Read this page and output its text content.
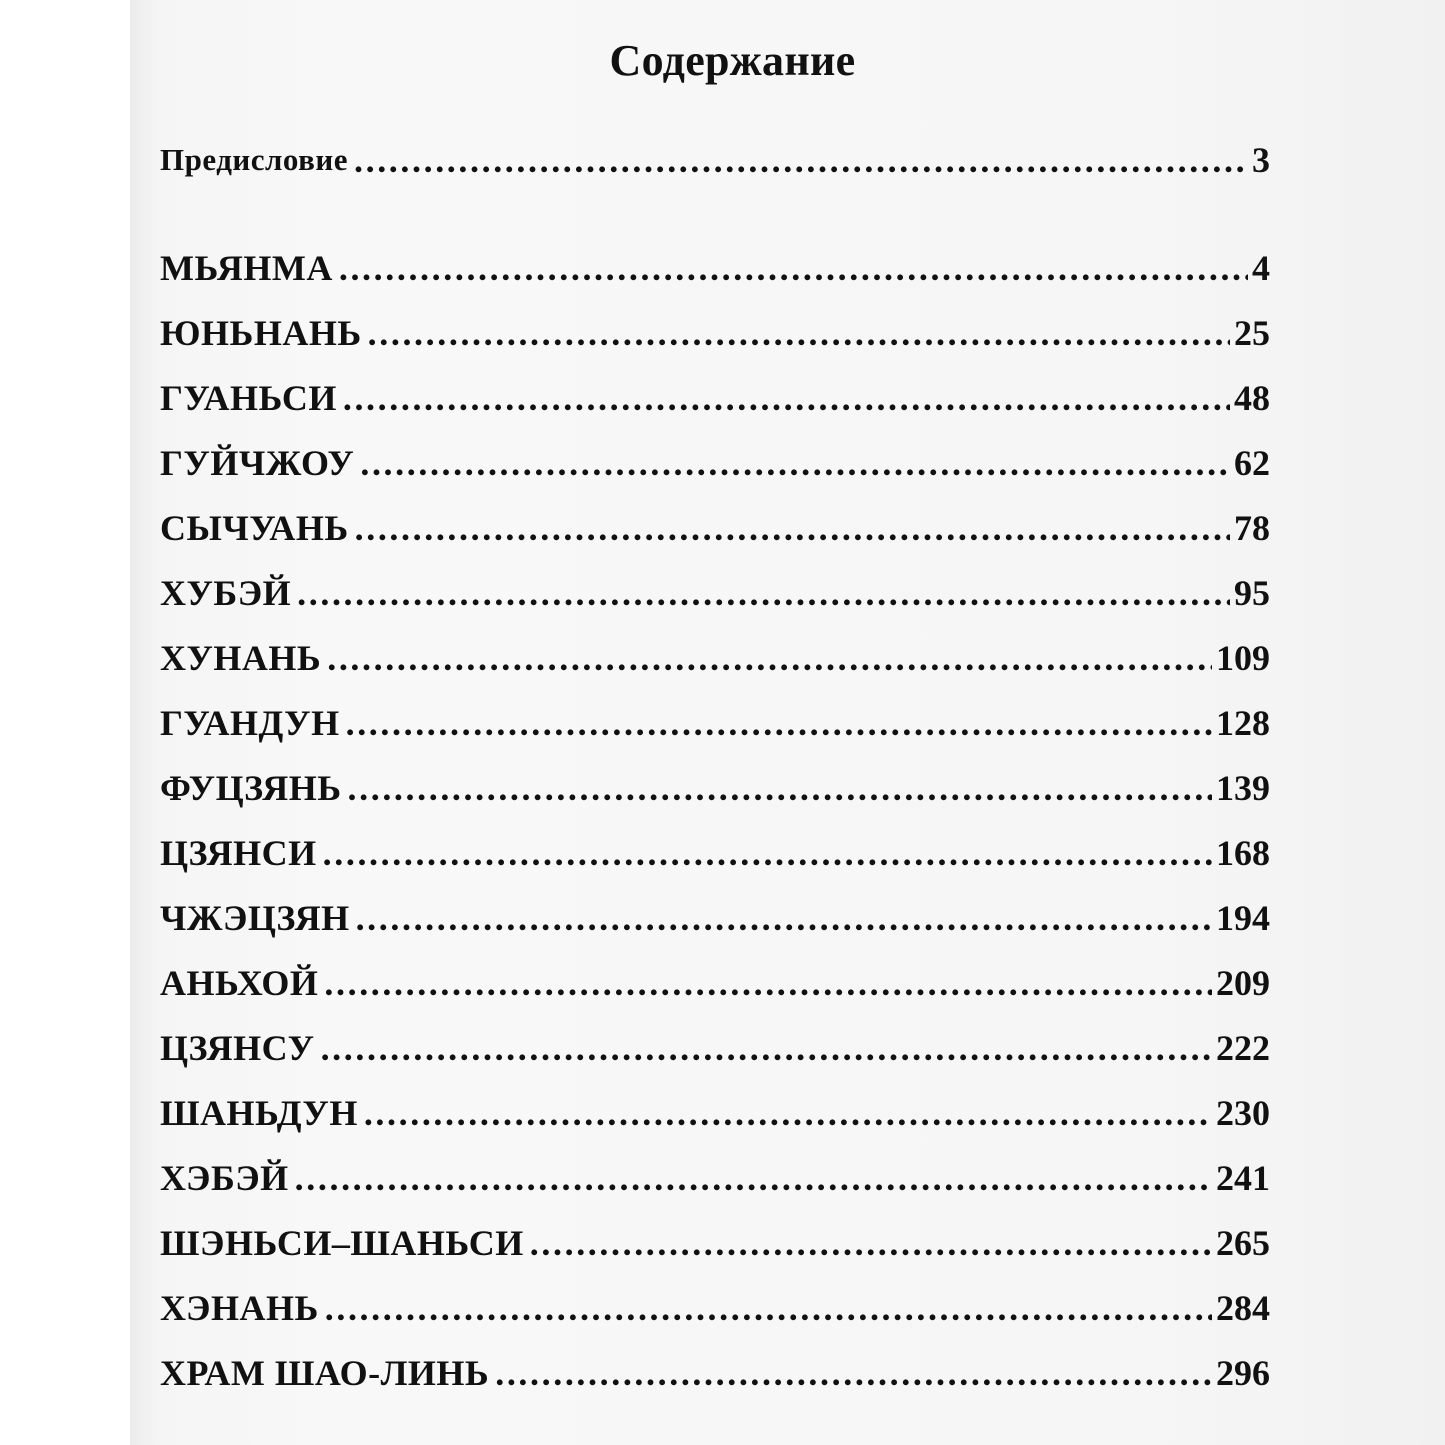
Содержание
Предисловие .....	3
МЬЯНМА .....	4
ЮНЬНАНЬ .....	25
ГУАНЬСИ .....	48
ГУЙЧЖОУ .....	62
СЫЧУАНЬ .....	78
ХУБЭЙ .....	95
ХУНАНЬ .....	109
ГУАНДУН .....	128
ФУЦЗЯНЬ .....	139
ЦЗЯНСИ .....	168
ЧЖЭЦЗЯН .....	194
АНЬХОЙ .....	209
ЦЗЯНСУ .....	222
ШАНЬДУН .....	230
ХЭБЭЙ .....	241
ШЭНЬСИ–ШАНЬСИ .....	265
ХЭНАНЬ .....	284
ХРАМ ШАО-ЛИНЬ .....	296
